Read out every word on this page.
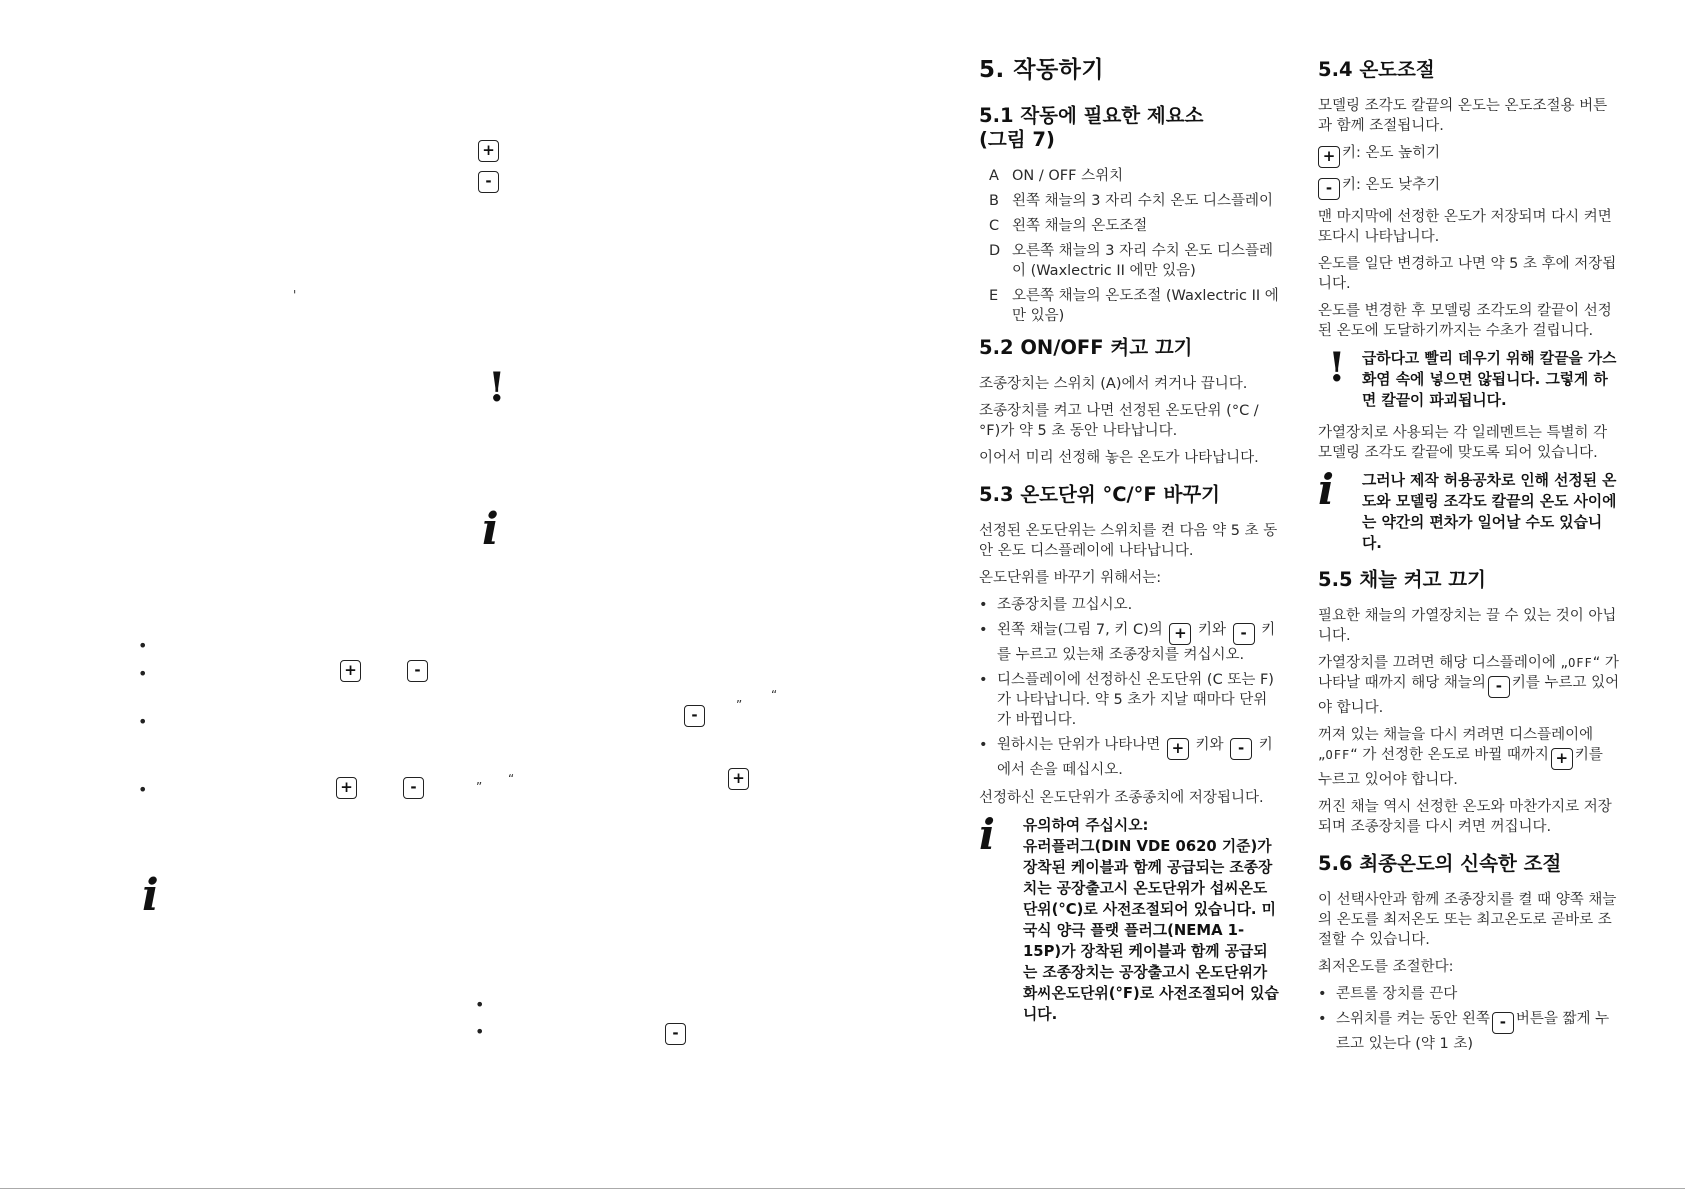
+
-
'
!
i
•
•	+	-
”
“
•	-
+
”
“
•	+	-
i
•
•	-
5. 작동하기
5.1 작동에 필요한 제요소
(그림 7)
A ON / OFF 스위치
B 왼쪽 채늘의 3 자리 수치 온도 디스플레이
C 왼쪽 채늘의 온도조절
D 오른쪽 채늘의 3 자리 수치 온도 디스플레이 (Waxlectric II 에만 있음)
E 오른쪽 채늘의 온도조절 (Waxlectric II 에만 있음)
5.2 ON/OFF 켜고 끄기

조종장치는 스위치 (A)에서 켜거나 끕니다.

조종장치를 켜고 나면 선정된 온도단위 (°C / °F)가 약 5 초 동안 나타납니다.

이어서 미리 선정해 놓은 온도가 나타납니다.

5.3 온도단위 °C/°F 바꾸기

선정된 온도단위는 스위치를 켠 다음 약 5 초 동안 온도 디스플레이에 나타납니다.

온도단위를 바꾸기 위해서는:

• 조종장치를 끄십시오.
• 왼쪽 채늘(그림 7, 키 C)의 + 키와 - 키를 누르고 있는채 조종장치를 켜십시오.
• 디스플레이에 선정하신 온도단위 (C 또는 F)가 나타납니다. 약 5 초가 지날 때마다 단위가 바뀝니다.
• 원하시는 단위가 나타나면 + 키와 - 키에서 손을 떼십시오.

선정하신 온도단위가 조종종치에 저장됩니다.

i	유의하여 주십시오:
유러플러그(DIN VDE 0620 기준)가 장착된 케이블과 함께 공급되는 조종장치는 공장출고시 온도단위가 섭씨온도단위(°C)로 사전조절되어 있습니다. 미국식 양극 플랫 플러그(NEMA 1-15P)가 장착된 케이블과 함께 공급되는 조종장치는 공장출고시 온도단위가 화씨온도단위(°F)로 사전조절되어 있습니다.
5.4 온도조절

모델링 조각도 칼끝의 온도는 온도조절용 버튼과 함께 조절됩니다.

+ 키: 온도 높히기

- 키: 온도 낮추기

맨 마지막에 선정한 온도가 저장되며 다시 켜면 또다시 나타납니다.

온도를 일단 변경하고 나면 약 5 초 후에 저장됩니다.

온도를 변경한 후 모델링 조각도의 칼끝이 선정된 온도에 도달하기까지는 수초가 걸립니다.

!	급하다고 빨리 데우기 위해 칼끝을 가스 화염 속에 넣으면 않됩니다. 그렇게 하면 칼끝이 파괴됩니다.

가열장치로 사용되는 각 일레멘트는 특별히 각 모델링 조각도 칼끝에 맞도록 되어 있습니다.

i	그러나 제작 허용공차로 인해 선정된 온도와 모델링 조각도 칼끝의 온도 사이에는 약간의 편차가 일어날 수도 있습니다.
5.5 채늘 켜고 끄기

필요한 채늘의 가열장치는 끌 수 있는 것이 아닙니다.

가열장치를 끄려면 해당 디스플레이에 „OFF“ 가 나타날 때까지 해당 채늘의 - 키를 누르고 있어야 합니다.

꺼져 있는 채늘을 다시 켜려면 디스플레이에 „OFF“ 가 선정한 온도로 바뀔 때까지 + 키를 누르고 있어야 합니다.

꺼진 채늘 역시 선정한 온도와 마찬가지로 저장되며 조종장치를 다시 켜면 꺼집니다.

5.6 최종온도의 신속한 조절

이 선택사안과 함께 조종장치를 켤 때 양쪽 채늘의 온도를 최저온도 또는 최고온도로 곧바로 조절할 수 있습니다.

최저온도를 조절한다:

• 콘트롤 장치를 끈다
• 스위치를 켜는 동안 왼쪽 - 버튼을 짧게 누르고 있는다 (약 1 초)
